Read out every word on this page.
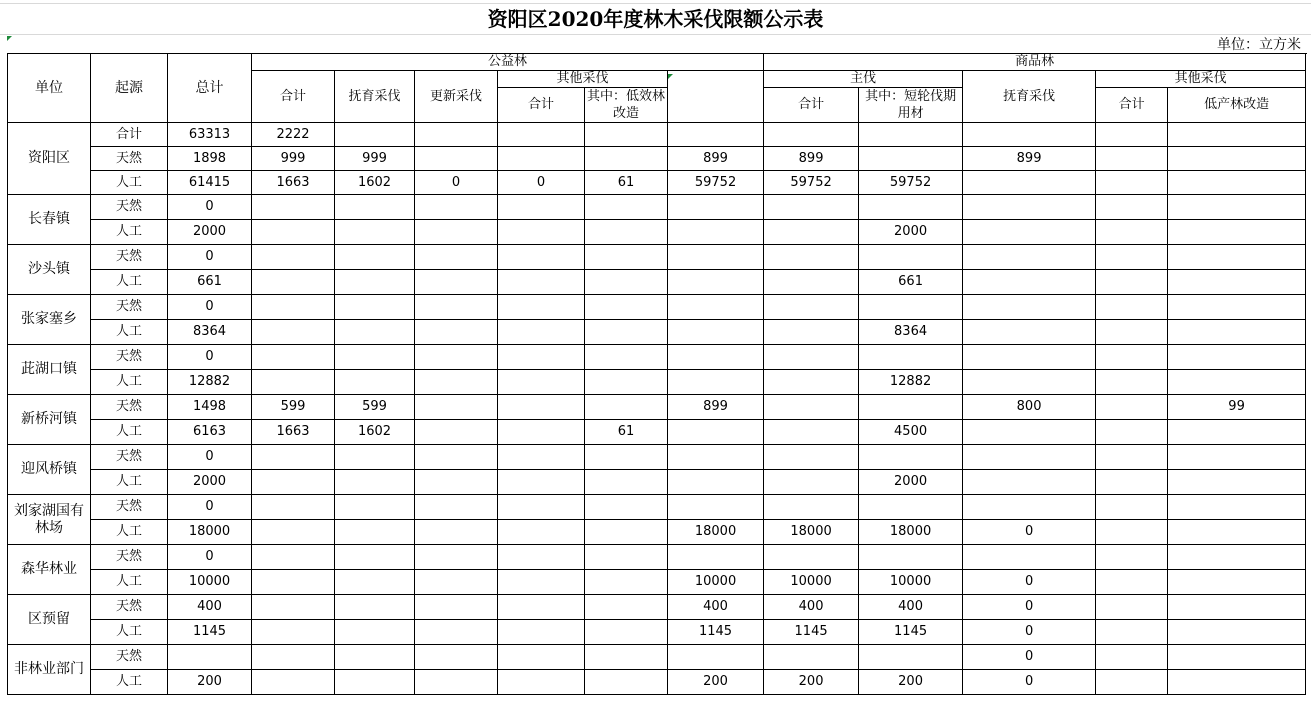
资阳区2020年度林木采伐限额公示表
单位：立方米
单位	起源	总计	公益林						商品林				
			合计	抚育采伐	更新采伐	其他采伐			主伐		抚育采伐	其他采伐	
						合计	其中：低效林改造		合计	其中：短轮伐期用材		合计	低产林改造
资阳区	合计	63313	2222										
	天然	1898	999	999				899	899		899		
	人工	61415	1663	1602	0	0	61	59752	59752	59752			
长春镇	天然	0											
	人工	2000								2000			
沙头镇	天然	0											
	人工	661								661			
张家塞乡	天然	0											
	人工	8364								8364			
茈湖口镇	天然	0											
	人工	12882								12882			
新桥河镇	天然	1498	599	599				899			800		99
	人工	6163	1663	1602			61			4500			
迎风桥镇	天然	0											
	人工	2000								2000			
刘家湖国有林场	天然	0											
	人工	18000						18000	18000	18000	0		
森华林业	天然	0											
	人工	10000						10000	10000	10000	0		
区预留	天然	400						400	400	400	0		
	人工	1145						1145	1145	1145	0		
非林业部门	天然										0		
	人工	200						200	200	200	0		
